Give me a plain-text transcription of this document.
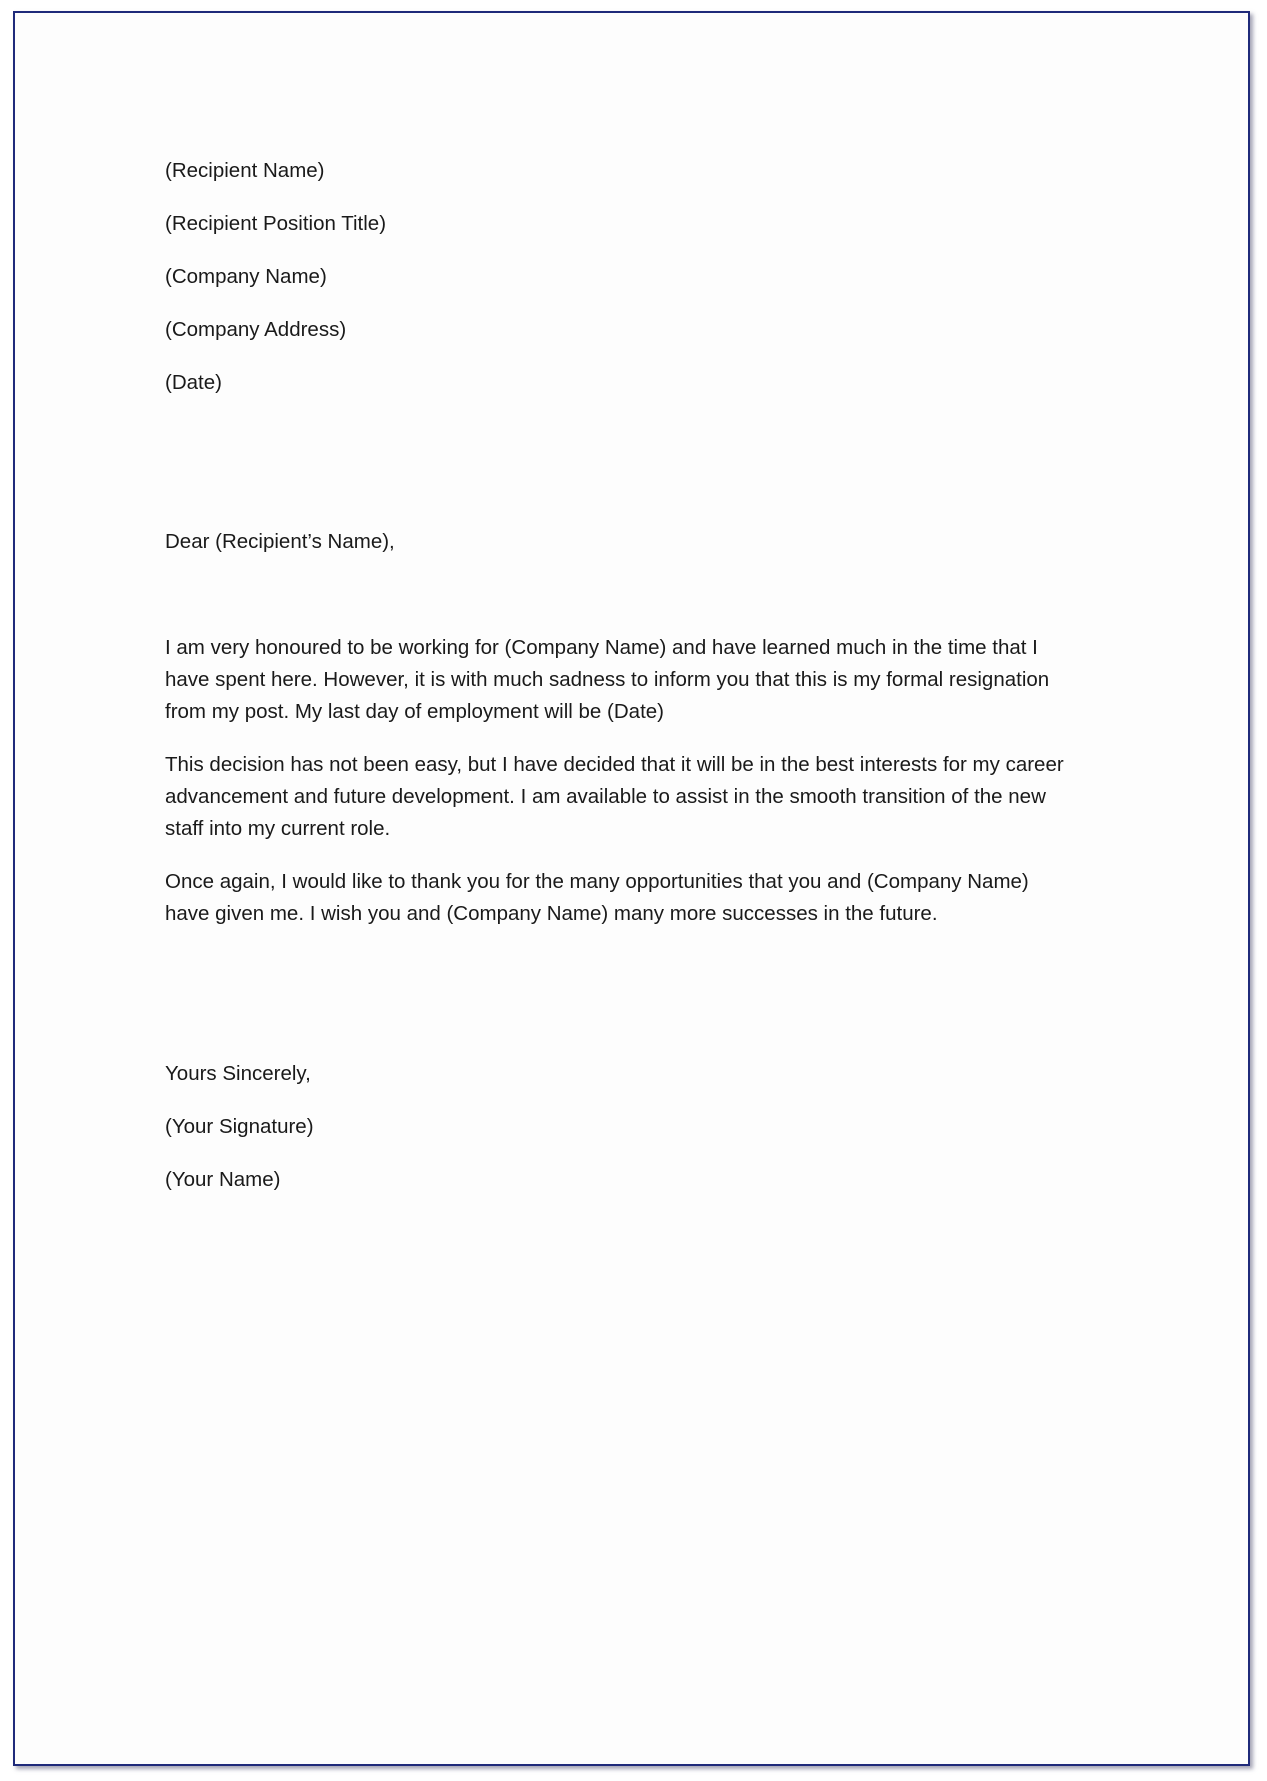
(Recipient Name)
(Recipient Position Title)
(Company Name)
(Company Address)
(Date)
Dear (Recipient’s Name),
I am very honoured to be working for (Company Name) and have learned much in the time that I
have spent here. However, it is with much sadness to inform you that this is my formal resignation
from my post. My last day of employment will be (Date)
This decision has not been easy, but I have decided that it will be in the best interests for my career
advancement and future development. I am available to assist in the smooth transition of the new
staff into my current role.
Once again, I would like to thank you for the many opportunities that you and (Company Name)
have given me. I wish you and (Company Name) many more successes in the future.
Yours Sincerely,
(Your Signature)
(Your Name)
